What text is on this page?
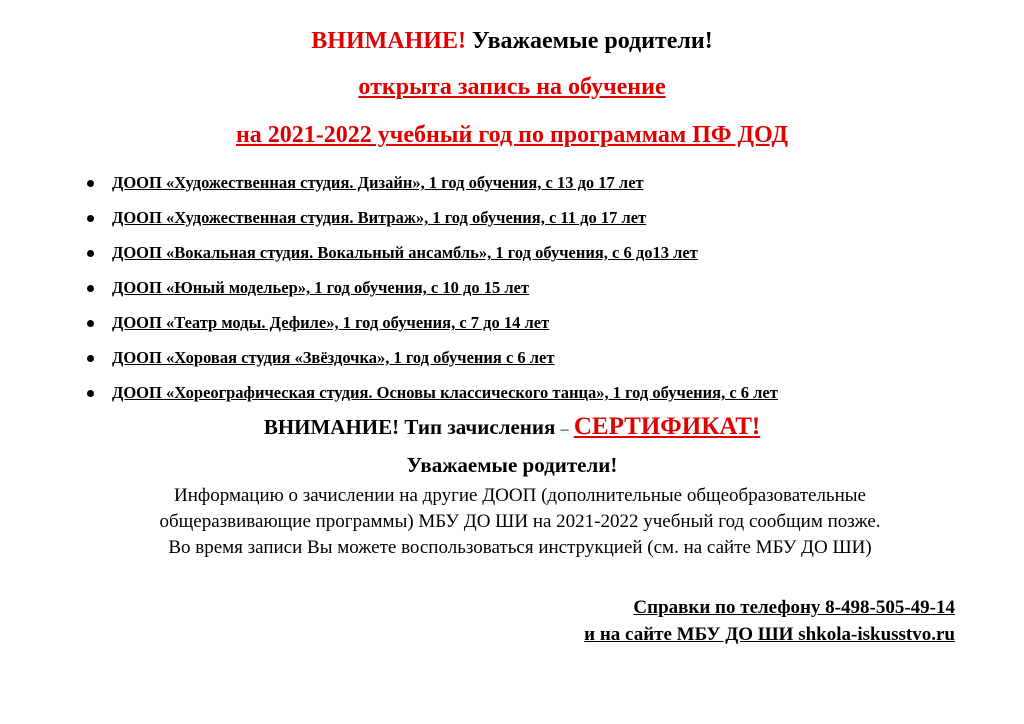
ВНИМАНИЕ! Уважаемые родители!
открыта запись на обучение
на 2021-2022 учебный год по программам ПФ ДОД
ДООП «Художественная студия. Дизайн», 1 год обучения, с 13 до 17 лет
ДООП «Художественная студия. Витраж», 1 год обучения, с 11 до 17 лет
ДООП «Вокальная студия. Вокальный ансамбль», 1 год обучения, с 6 до13 лет
ДООП «Юный модельер», 1 год обучения, с 10 до 15 лет
ДООП «Театр моды. Дефиле», 1 год обучения, с 7 до 14 лет
ДООП «Хоровая студия «Звёздочка», 1 год обучения с 6 лет
ДООП «Хореографическая студия. Основы классического танца», 1 год обучения, с 6 лет
ВНИМАНИЕ! Тип зачисления – СЕРТИФИКАТ!
Уважаемые родители!
Информацию о зачислении на другие ДООП (дополнительные общеобразовательные
общеразвивающие программы) МБУ ДО ШИ на 2021-2022 учебный год сообщим позже.
Во время записи Вы можете воспользоваться инструкцией (см. на сайте МБУ ДО ШИ)
Справки по телефону 8-498-505-49-14
и на сайте МБУ ДО ШИ shkola-iskusstvo.ru
